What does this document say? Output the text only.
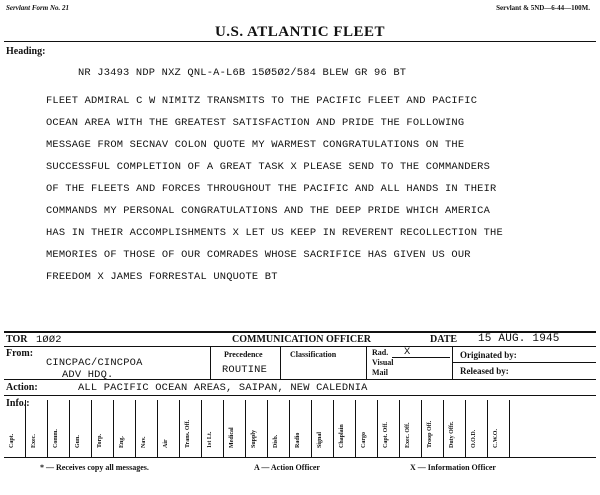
Servlant Form No. 21	Servlant & 5ND—6-44—100M.
U.S. ATLANTIC FLEET
Heading:
NR J3493 NDP NXZ QNL-A-L6B 15Ø5Ø2/584 BLEW GR 96 BT
FLEET ADMIRAL C W NIMITZ TRANSMITS TO THE PACIFIC FLEET AND PACIFIC
OCEAN AREA WITH THE GREATEST SATISFACTION AND PRIDE THE FOLLOWING
MESSAGE FROM SECNAV COLON QUOTE MY WARMEST CONGRATULATIONS ON THE
SUCCESSFUL COMPLETION OF A GREAT TASK X PLEASE SEND TO THE COMMANDERS
OF THE FLEETS AND FORCES THROUGHOUT THE PACIFIC AND ALL HANDS IN THEIR
COMMANDS MY PERSONAL CONGRATULATIONS AND THE DEEP PRIDE WHICH AMERICA
HAS IN THEIR ACCOMPLISHMENTS X LET US KEEP IN REVERENT RECOLLECTION THE
MEMORIES OF THOSE OF OUR COMRADES WHOSE SACRIFICE HAS GIVEN US OUR
FREEDOM X JAMES FORRESTAL UNQUOTE BT
TOR 1ØØ2	COMMUNICATION OFFICER	DATE 15 AUG. 1945
From:
CINCPAC/CINCPOA
ADV HDQ.
Precedence
ROUTINE
Classification	Rad. X
Visual
Mail
Originated by:
Released by:
Action:	ALL PACIFIC OCEAN AREAS, SAIPAN, NEW CALEDNIA
Info.:
Capt.	Exec.	Comm.	Gun.	Torp.	Eng.	Nav.	Air	Trans. Off.	1st Lt.	Medical	Supply	Disb.	Radio	Signal	Chaplain	Cargo	Capt. Off.	Exec. Off.	Troop Off.	Duty Offr.	O.O.D.	C.W.O.
* — Receives copy all messages.	A — Action Officer	X — Information Officer
